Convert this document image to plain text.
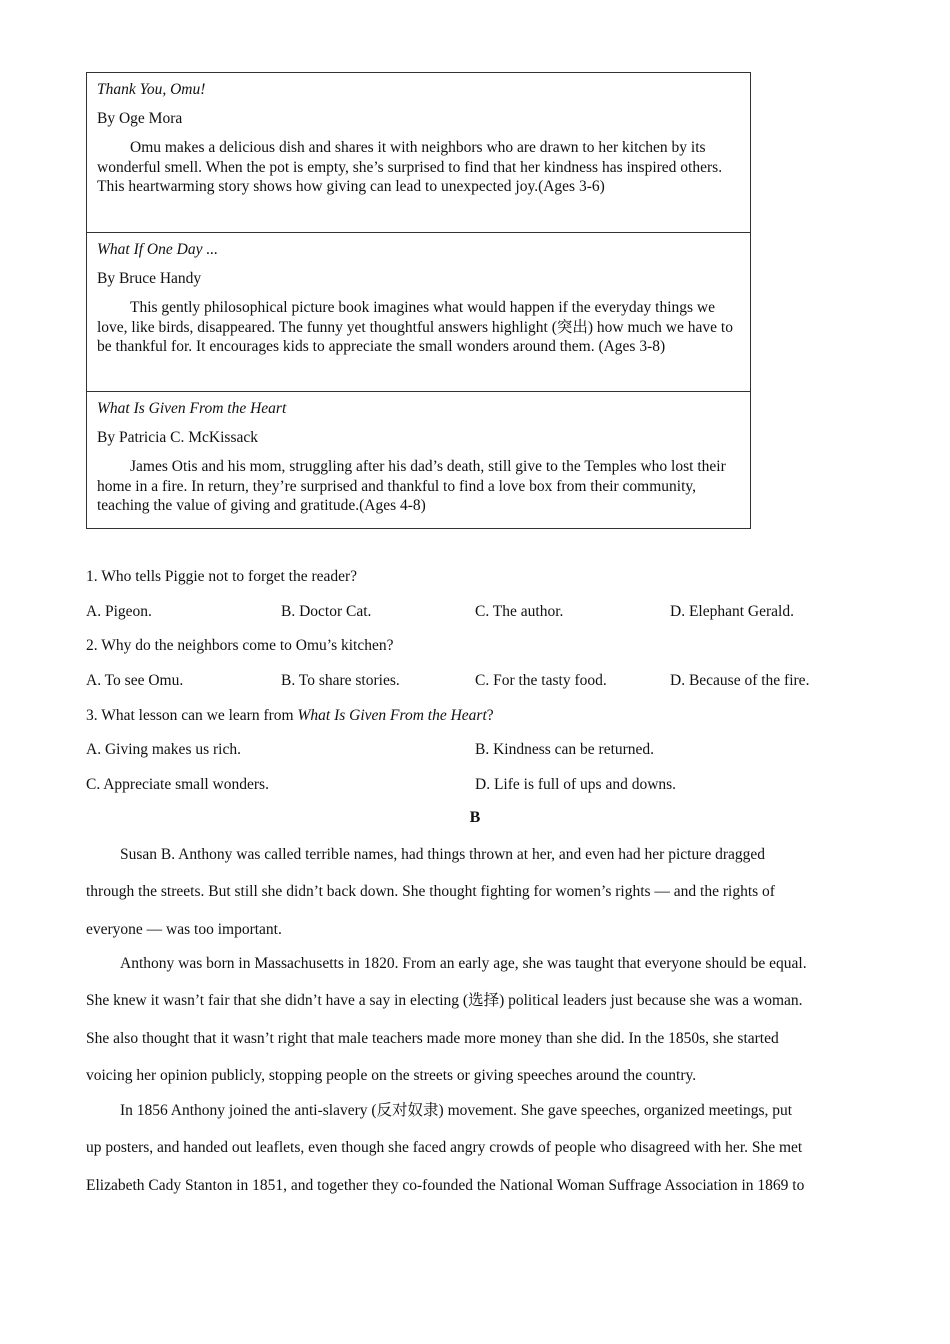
Thank You, Omu!
By Oge Mora
Omu makes a delicious dish and shares it with neighbors who are drawn to her kitchen by its wonderful smell. When the pot is empty, she’s surprised to find that her kindness has inspired others. This heartwarming story shows how giving can lead to unexpected joy.(Ages 3-6)
What If One Day ...
By Bruce Handy
This gently philosophical picture book imagines what would happen if the everyday things we love, like birds, disappeared. The funny yet thoughtful answers highlight (突出) how much we have to be thankful for. It encourages kids to appreciate the small wonders around them. (Ages 3-8)
What Is Given From the Heart
By Patricia C. McKissack
James Otis and his mom, struggling after his dad’s death, still give to the Temples who lost their home in a fire. In return, they’re surprised and thankful to find a love box from their community, teaching the value of giving and gratitude.(Ages 4-8)
1. Who tells Piggie not to forget the reader?
A. Pigeon.	B. Doctor Cat.	C. The author.	D. Elephant Gerald.
2. Why do the neighbors come to Omu’s kitchen?
A. To see Omu.	B. To share stories.	C. For the tasty food.	D. Because of the fire.
3. What lesson can we learn from What Is Given From the Heart?
A. Giving makes us rich.	B. Kindness can be returned.
C. Appreciate small wonders.	D. Life is full of ups and downs.
B
Susan B. Anthony was called terrible names, had things thrown at her, and even had her picture dragged
through the streets. But still she didn’t back down. She thought fighting for women’s rights — and the rights of
everyone — was too important.
Anthony was born in Massachusetts in 1820. From an early age, she was taught that everyone should be equal.
She knew it wasn’t fair that she didn’t have a say in electing (选择) political leaders just because she was a woman.
She also thought that it wasn’t right that male teachers made more money than she did. In the 1850s, she started
voicing her opinion publicly, stopping people on the streets or giving speeches around the country.
In 1856 Anthony joined the anti-slavery (反对奴隶) movement. She gave speeches, organized meetings, put
up posters, and handed out leaflets, even though she faced angry crowds of people who disagreed with her. She met
Elizabeth Cady Stanton in 1851, and together they co-founded the National Woman Suffrage Association in 1869 to
